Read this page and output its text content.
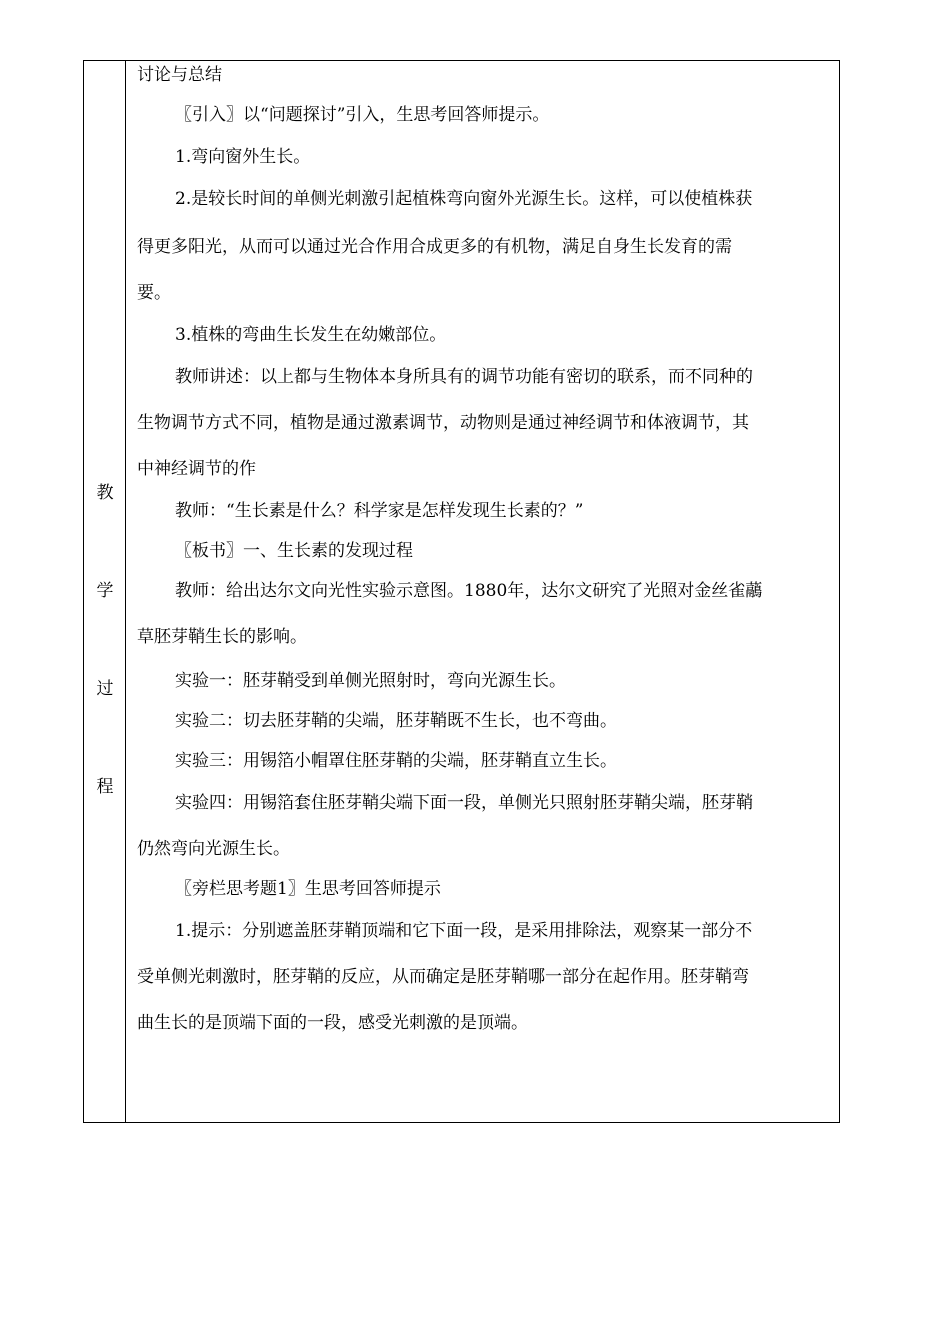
教
学
过
程
讨论与总结
〖引入〗以“问题探讨”引入，生思考回答师提示。
1.弯向窗外生长。
2.是较长时间的单侧光刺激引起植株弯向窗外光源生长。这样，可以使植株获
得更多阳光，从而可以通过光合作用合成更多的有机物，满足自身生长发育的需
要。
3.植株的弯曲生长发生在幼嫩部位。
教师讲述：以上都与生物体本身所具有的调节功能有密切的联系，而不同种的
生物调节方式不同，植物是通过激素调节，动物则是通过神经调节和体液调节，其
中神经调节的作
教师：“生长素是什么？科学家是怎样发现生长素的？”
〖板书〗一、生长素的发现过程
教师：给出达尔文向光性实验示意图。1880年，达尔文研究了光照对金丝雀虉
草胚芽鞘生长的影响。
实验一：胚芽鞘受到单侧光照射时，弯向光源生长。
实验二：切去胚芽鞘的尖端，胚芽鞘既不生长，也不弯曲。
实验三：用锡箔小帽罩住胚芽鞘的尖端，胚芽鞘直立生长。
实验四：用锡箔套住胚芽鞘尖端下面一段，单侧光只照射胚芽鞘尖端，胚芽鞘
仍然弯向光源生长。
〖旁栏思考题1〗生思考回答师提示
1.提示：分别遮盖胚芽鞘顶端和它下面一段，是采用排除法，观察某一部分不
受单侧光刺激时，胚芽鞘的反应，从而确定是胚芽鞘哪一部分在起作用。胚芽鞘弯
曲生长的是顶端下面的一段，感受光刺激的是顶端。
